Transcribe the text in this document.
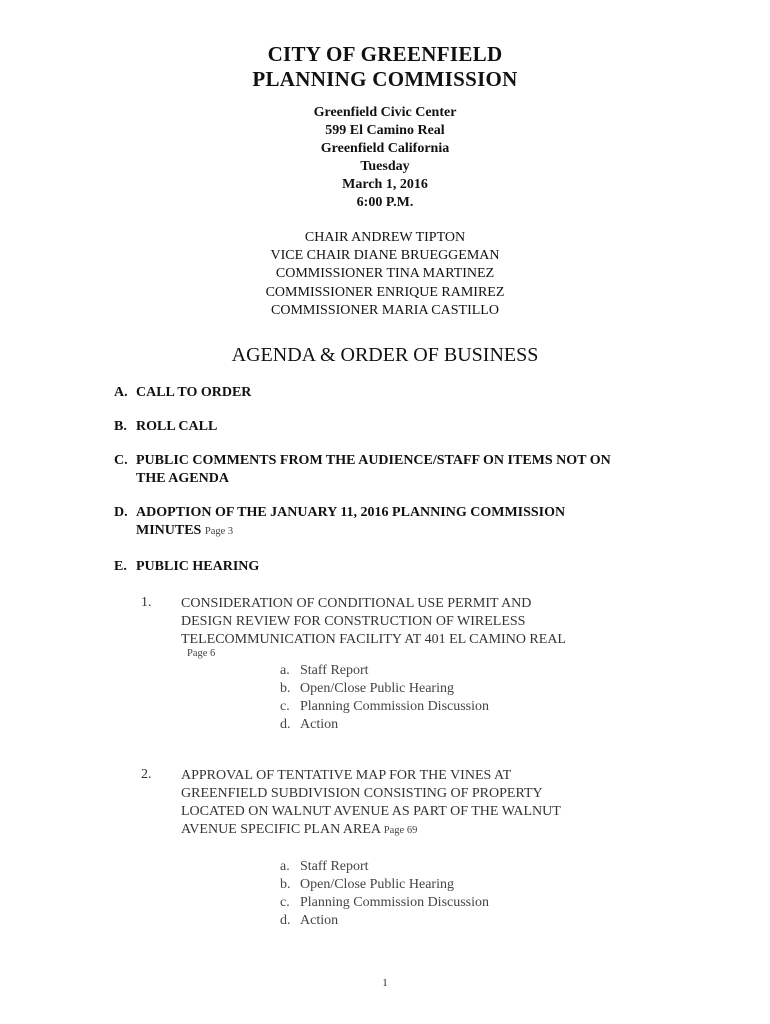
CITY OF GREENFIELD
PLANNING COMMISSION
Greenfield Civic Center
599 El Camino Real
Greenfield California
Tuesday
March 1, 2016
6:00 P.M.
CHAIR ANDREW TIPTON
VICE CHAIR DIANE BRUEGGEMAN
COMMISSIONER TINA MARTINEZ
COMMISSIONER ENRIQUE RAMIREZ
COMMISSIONER MARIA CASTILLO
AGENDA & ORDER OF BUSINESS
A. CALL TO ORDER
B. ROLL CALL
C. PUBLIC COMMENTS FROM THE AUDIENCE/STAFF ON ITEMS NOT ON
THE AGENDA
D. ADOPTION OF THE JANUARY 11, 2016 PLANNING COMMISSION
MINUTES Page 3
E. PUBLIC HEARING
1. CONSIDERATION OF CONDITIONAL USE PERMIT AND
DESIGN REVIEW FOR CONSTRUCTION OF WIRELESS
TELECOMMUNICATION FACILITY AT 401 EL CAMINO REAL
Page 6
a. Staff Report
b. Open/Close Public Hearing
c. Planning Commission Discussion
d. Action
2. APPROVAL OF TENTATIVE MAP FOR THE VINES AT
GREENFIELD SUBDIVISION CONSISTING OF PROPERTY
LOCATED ON WALNUT AVENUE AS PART OF THE WALNUT
AVENUE SPECIFIC PLAN AREA Page 69
a. Staff Report
b. Open/Close Public Hearing
c. Planning Commission Discussion
d. Action
1
